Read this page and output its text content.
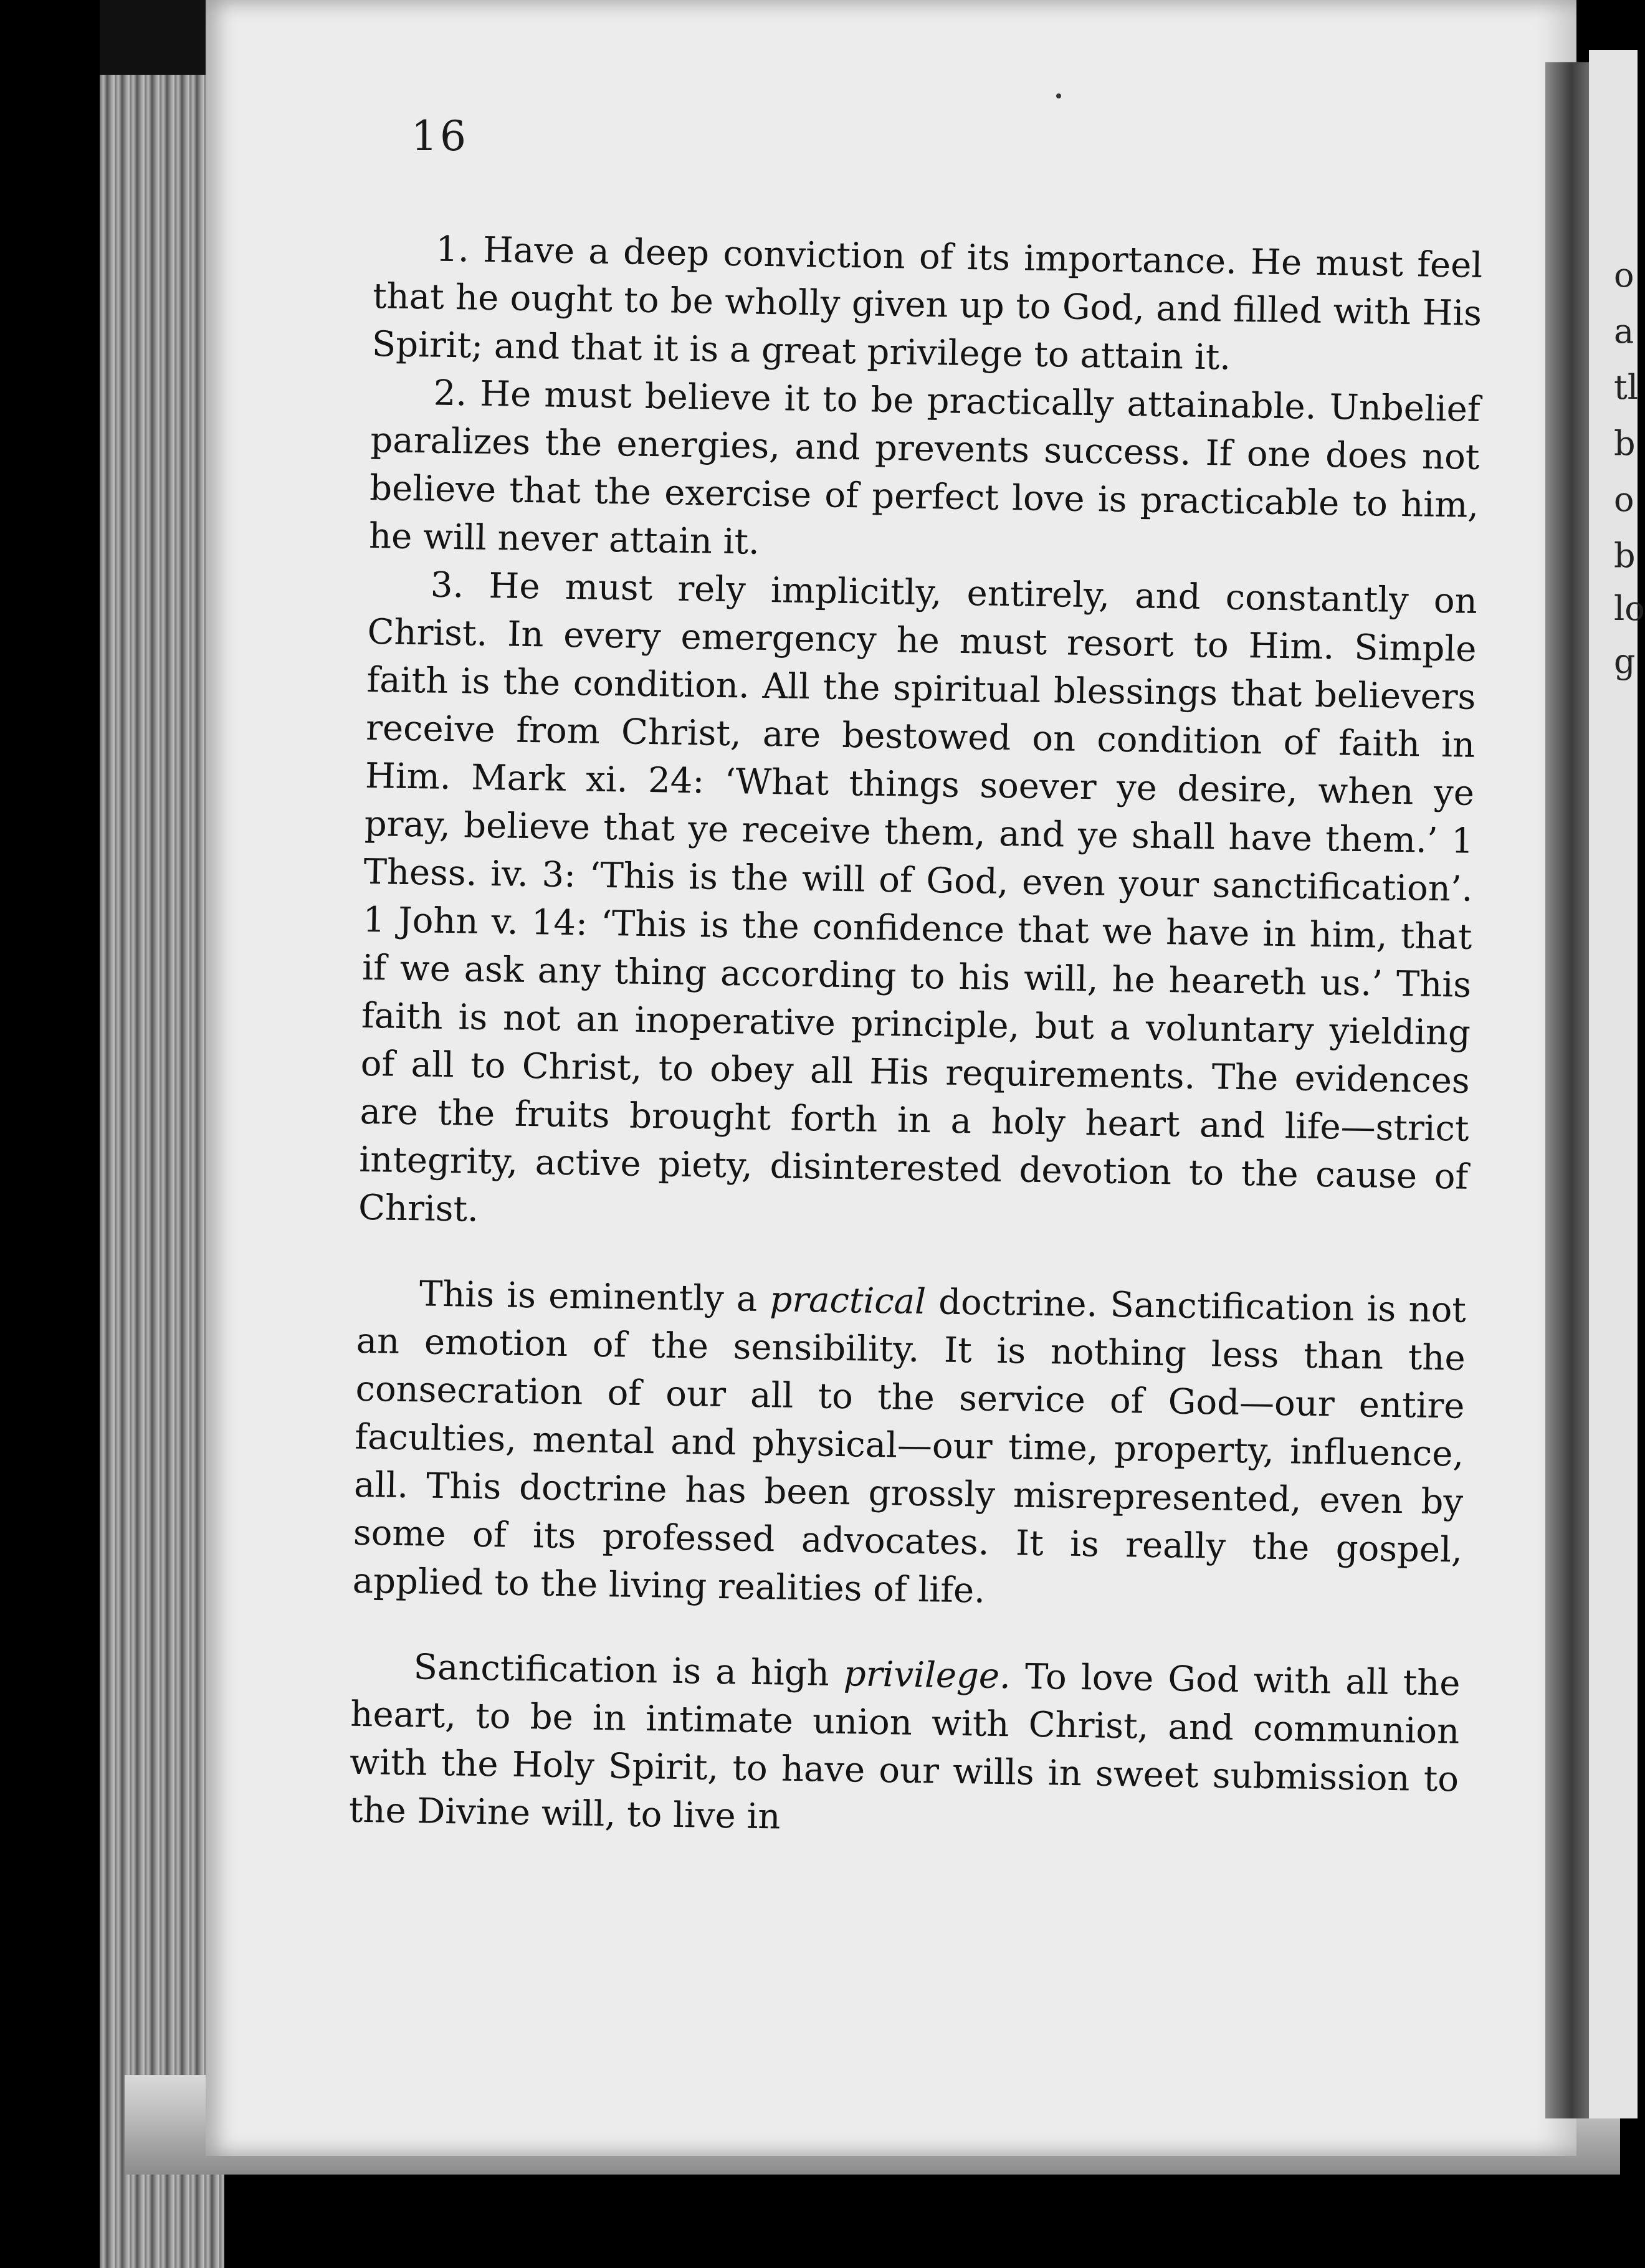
o
a
tl
b
o
b
lo
g
16

1. Have a deep conviction of its importance. He must feel that he ought to be wholly given up to God, and filled with His Spirit; and that it is a great privilege to attain it.

2. He must believe it to be practically attainable. Unbelief paralizes the energies, and prevents success. If one does not believe that the exercise of perfect love is practicable to him, he will never attain it.

3. He must rely implicitly, entirely, and constantly on Christ. In every emergency he must resort to Him. Simple faith is the condition. All the spiritual blessings that believers receive from Christ, are bestowed on condition of faith in Him. Mark xi. 24: ‘What things soever ye desire, when ye pray, believe that ye receive them, and ye shall have them.’ 1 Thess. iv. 3: ‘This is the will of God, even your sanctification’. 1 John v. 14: ‘This is the confidence that we have in him, that if we ask any thing according to his will, he heareth us.’ This faith is not an inoperative principle, but a voluntary yielding of all to Christ, to obey all His requirements. The evidences are the fruits brought forth in a holy heart and life—strict integrity, active piety, disinterested devotion to the cause of Christ.

This is eminently a practical doctrine. Sanctification is not an emotion of the sensibility. It is nothing less than the consecration of our all to the service of God—our entire faculties, mental and physical—our time, property, influence, all. This doctrine has been grossly misrepresented, even by some of its professed advocates. It is really the gospel, applied to the living realities of life.

Sanctification is a high privilege. To love God with all the heart, to be in intimate union with Christ, and communion with the Holy Spirit, to have our wills in sweet submission to the Divine will, to live in
